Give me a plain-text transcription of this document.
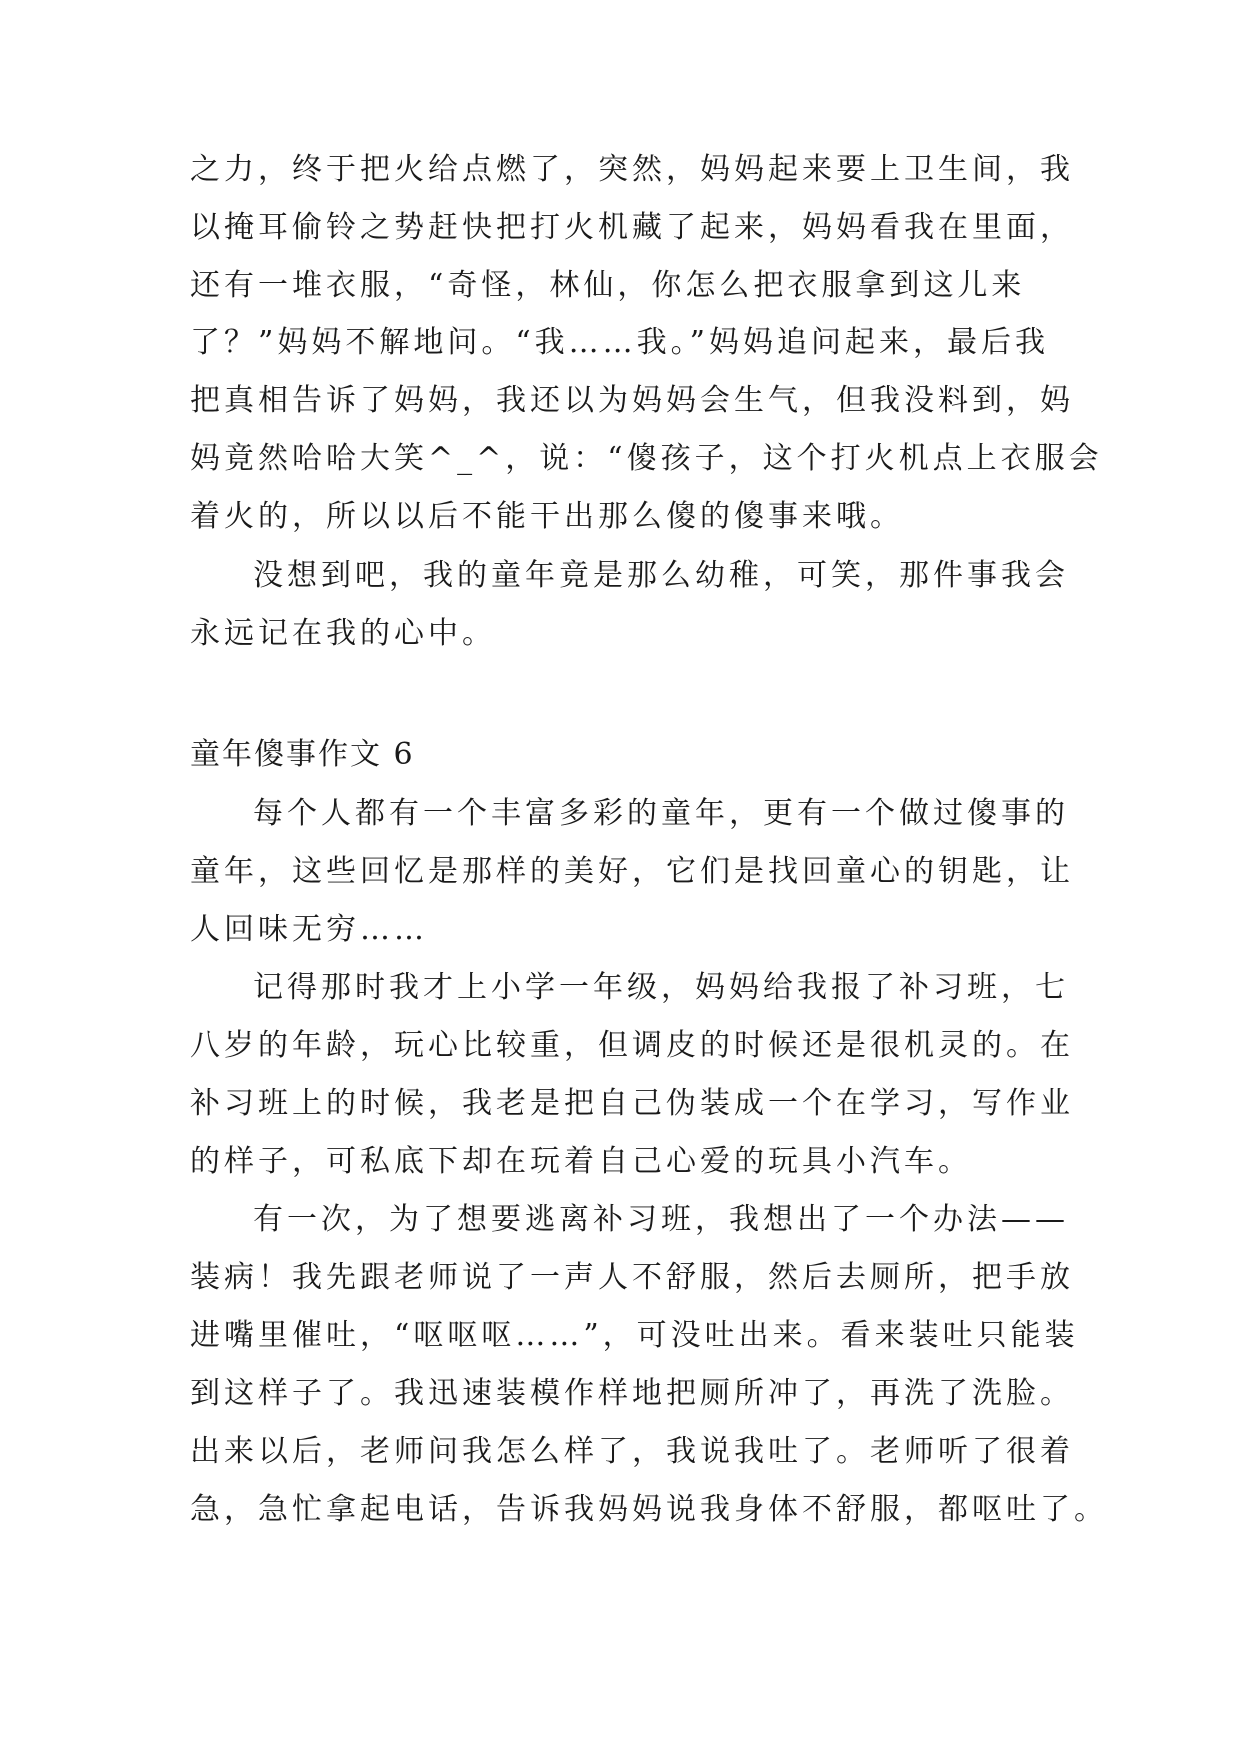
之力，终于把火给点燃了，突然，妈妈起来要上卫生间，我
以掩耳偷铃之势赶快把打火机藏了起来，妈妈看我在里面，
还有一堆衣服，“奇怪，林仙，你怎么把衣服拿到这儿来
了？”妈妈不解地问。“我……我。”妈妈追问起来，最后我
把真相告诉了妈妈，我还以为妈妈会生气，但我没料到，妈
妈竟然哈哈大笑^_^，说：“傻孩子，这个打火机点上衣服会
着火的，所以以后不能干出那么傻的傻事来哦。
没想到吧，我的童年竟是那么幼稚，可笑，那件事我会
永远记在我的心中。
童年傻事作文 6
每个人都有一个丰富多彩的童年，更有一个做过傻事的
童年，这些回忆是那样的美好，它们是找回童心的钥匙，让
人回味无穷……
记得那时我才上小学一年级，妈妈给我报了补习班，七
八岁的年龄，玩心比较重，但调皮的时候还是很机灵的。在
补习班上的时候，我老是把自己伪装成一个在学习，写作业
的样子，可私底下却在玩着自己心爱的玩具小汽车。
有一次，为了想要逃离补习班，我想出了一个办法——
装病！我先跟老师说了一声人不舒服，然后去厕所，把手放
进嘴里催吐，“呕呕呕……”，可没吐出来。看来装吐只能装
到这样子了。我迅速装模作样地把厕所冲了，再洗了洗脸。
出来以后，老师问我怎么样了，我说我吐了。老师听了很着
急，急忙拿起电话，告诉我妈妈说我身体不舒服，都呕吐了。
